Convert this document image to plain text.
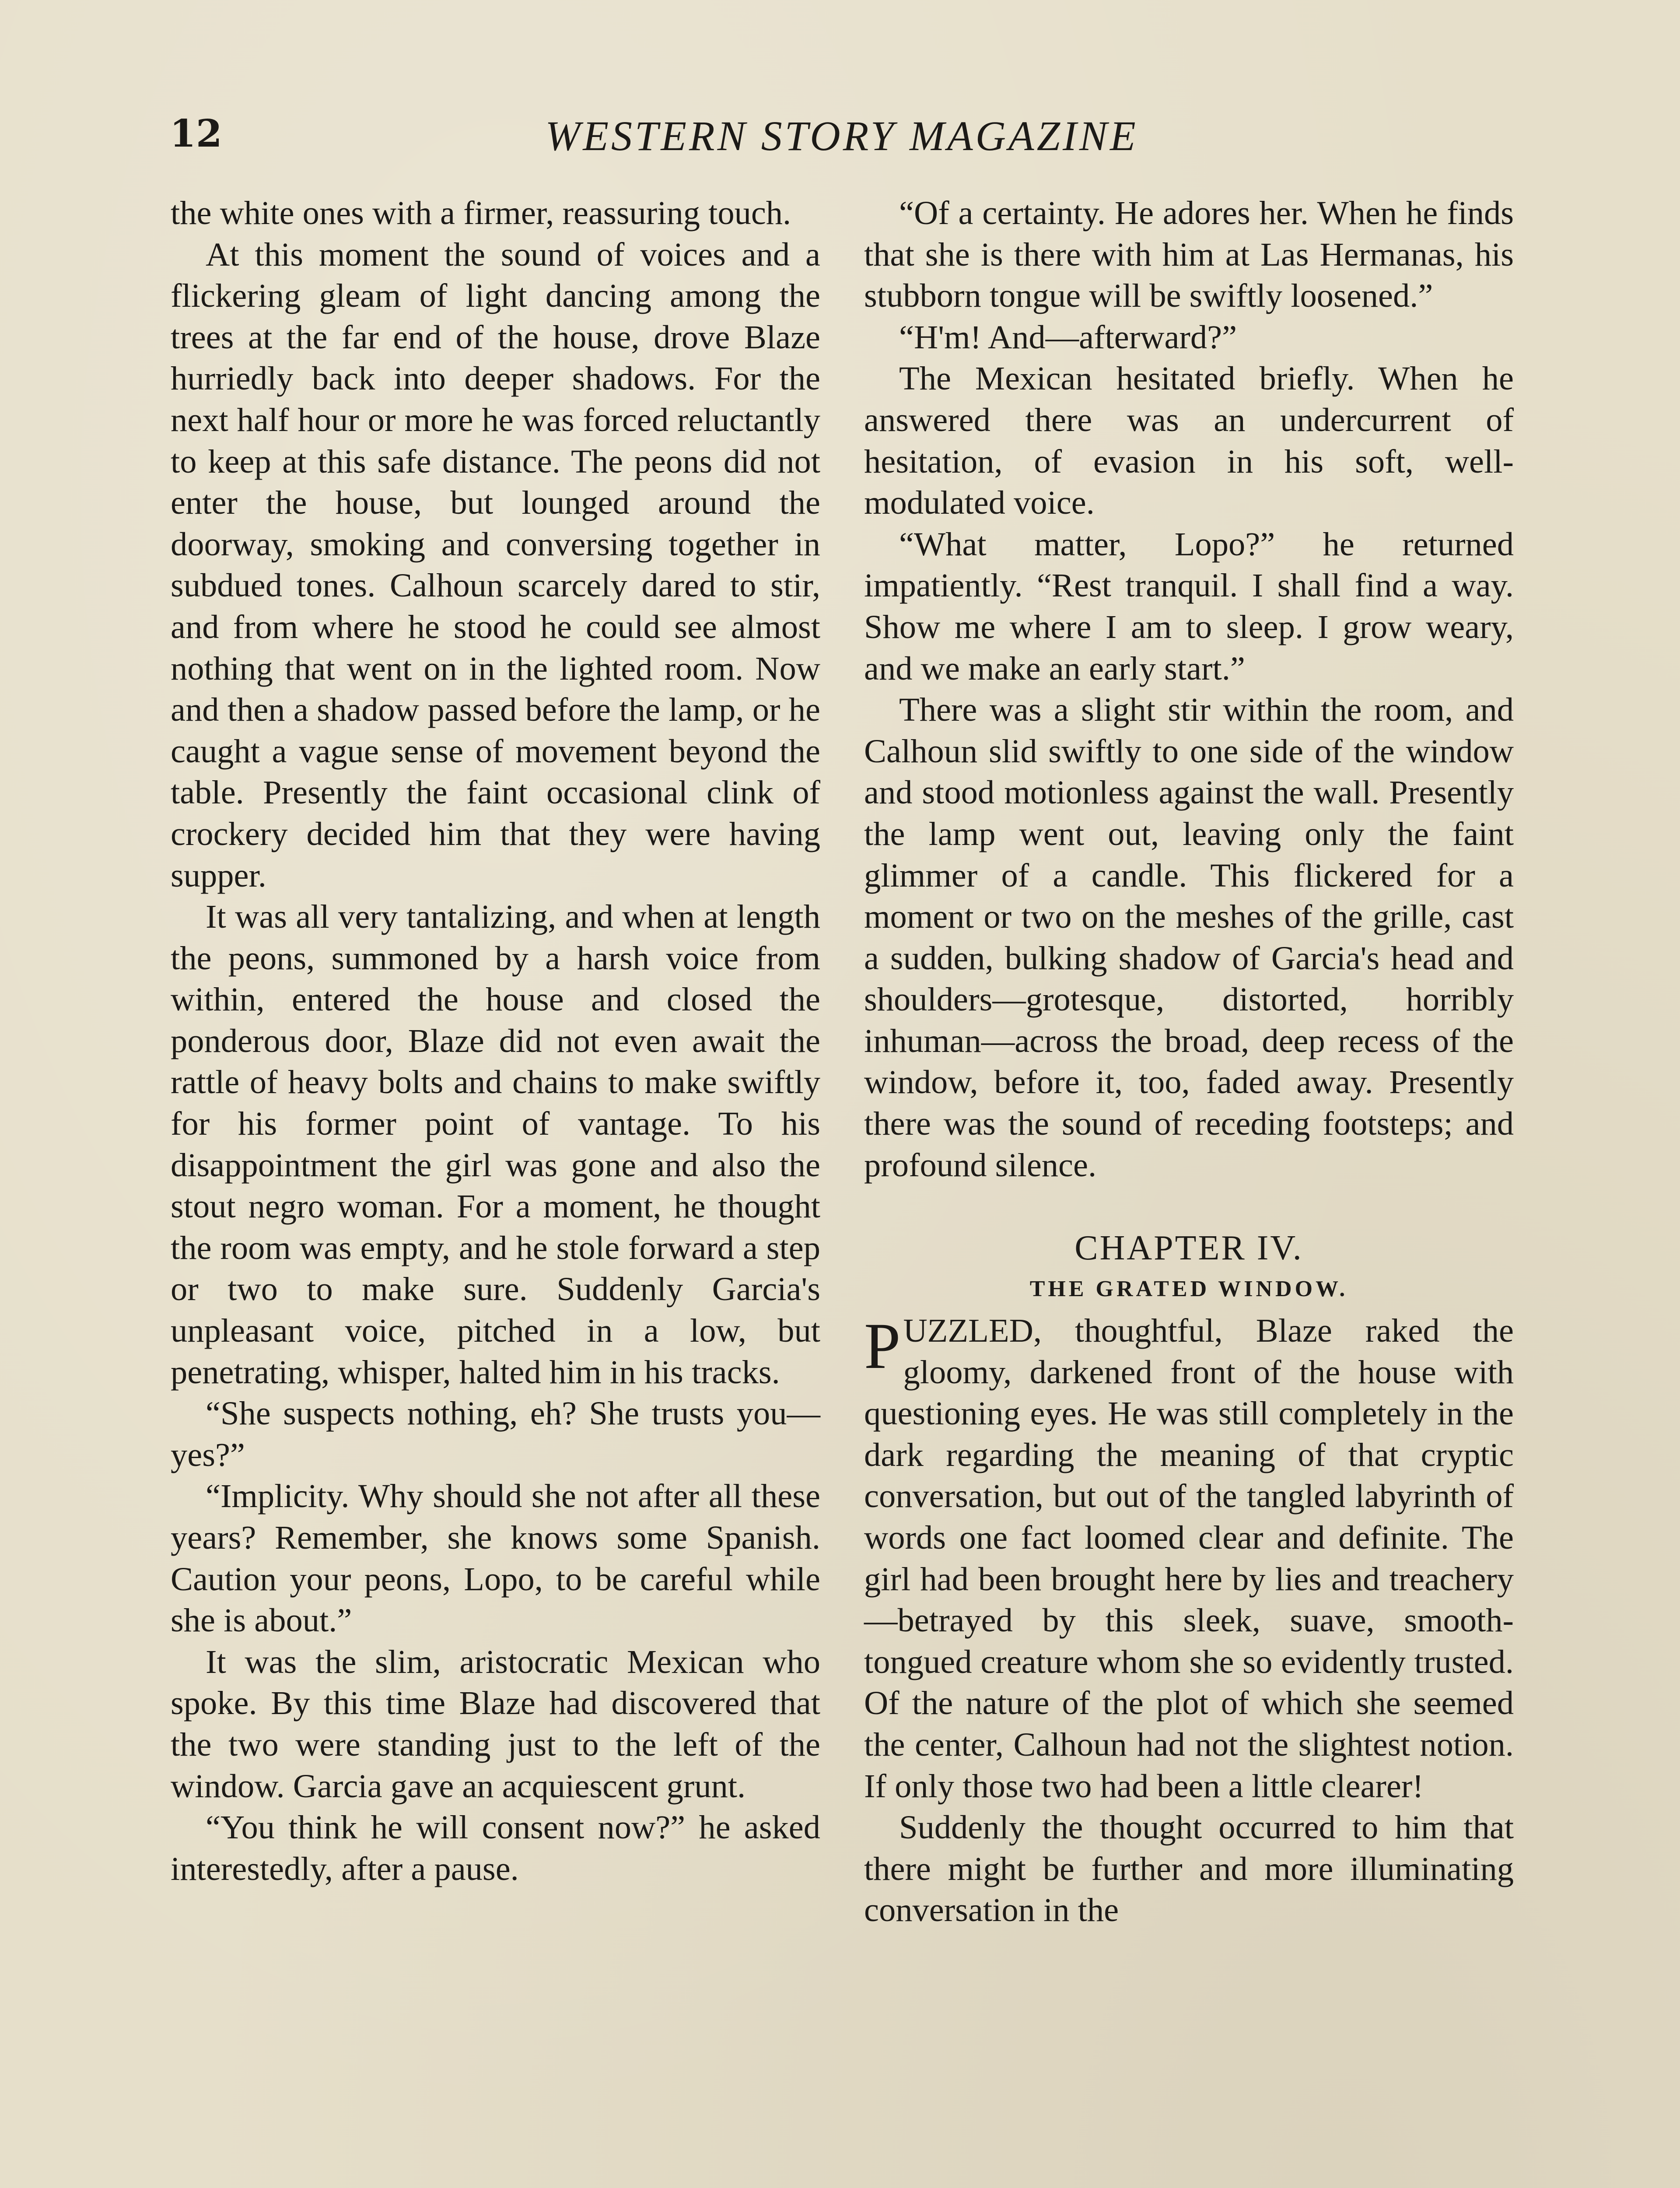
12	WESTERN STORY MAGAZINE

the white ones with a firmer, reassuring touch.

At this moment the sound of voices and a flickering gleam of light dancing among the trees at the far end of the house, drove Blaze hurriedly back into deeper shadows. For the next half hour or more he was forced reluctantly to keep at this safe distance. The peons did not enter the house, but lounged around the doorway, smoking and conversing together in subdued tones. Calhoun scarcely dared to stir, and from where he stood he could see almost nothing that went on in the lighted room. Now and then a shadow passed before the lamp, or he caught a vague sense of movement beyond the table. Presently the faint occasional clink of crockery decided him that they were having supper.

It was all very tantalizing, and when at length the peons, summoned by a harsh voice from within, entered the house and closed the ponderous door, Blaze did not even await the rattle of heavy bolts and chains to make swiftly for his former point of vantage. To his disappointment the girl was gone and also the stout negro woman. For a moment, he thought the room was empty, and he stole forward a step or two to make sure. Suddenly Garcia's unpleasant voice, pitched in a low, but penetrating, whisper, halted him in his tracks.

“She suspects nothing, eh? She trusts you—yes?”

“Implicity. Why should she not after all these years? Remember, she knows some Spanish. Caution your peons, Lopo, to be careful while she is about.”

It was the slim, aristocratic Mexican who spoke. By this time Blaze had discovered that the two were standing just to the left of the window. Garcia gave an acquiescent grunt.

“You think he will consent now?” he asked interestedly, after a pause.

“Of a certainty. He adores her. When he finds that she is there with him at Las Hermanas, his stubborn tongue will be swiftly loosened.”

“H'm! And—afterward?”

The Mexican hesitated briefly. When he answered there was an undercurrent of hesitation, of evasion in his soft, well-modulated voice.

“What matter, Lopo?” he returned impatiently. “Rest tranquil. I shall find a way. Show me where I am to sleep. I grow weary, and we make an early start.”

There was a slight stir within the room, and Calhoun slid swiftly to one side of the window and stood motionless against the wall. Presently the lamp went out, leaving only the faint glimmer of a candle. This flickered for a moment or two on the meshes of the grille, cast a sudden, bulking shadow of Garcia's head and shoulders—grotesque, distorted, horribly inhuman—across the broad, deep recess of the window, before it, too, faded away. Presently there was the sound of receding footsteps; and profound silence.

CHAPTER IV.
THE GRATED WINDOW.

PUZZLED, thoughtful, Blaze raked the gloomy, darkened front of the house with questioning eyes. He was still completely in the dark regarding the meaning of that cryptic conversation, but out of the tangled labyrinth of words one fact loomed clear and definite. The girl had been brought here by lies and treachery—betrayed by this sleek, suave, smooth-tongued creature whom she so evidently trusted. Of the nature of the plot of which she seemed the center, Calhoun had not the slightest notion. If only those two had been a little clearer!

Suddenly the thought occurred to him that there might be further and more illuminating conversation in the
